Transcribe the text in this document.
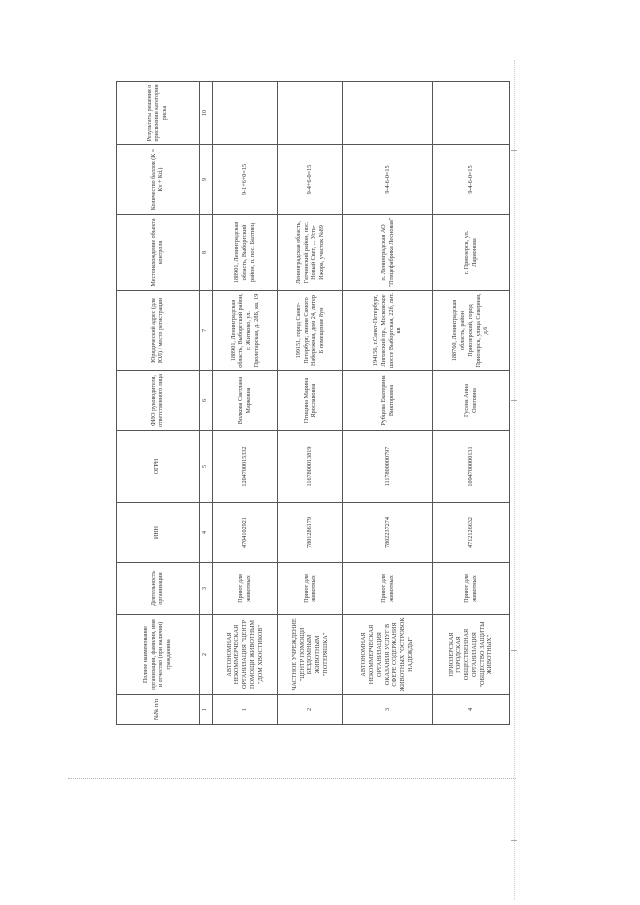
№№ п/п	Полное наименование организации, фамилия, имя и отчество (при наличии) гражданина	Деятельность организации	ИНН	ОГРН	ФИО руководителя, ответственного лица	Юридический адрес (для ЮЛ) / место регистрации	Местонахождение объекта контроля	Количество баллов (К = Кv + Кd.)	Результаты решения о присвоении категории риска
1	2	3	4	5	6	7	8	9	10
1	АВТОНОМНАЯ НЕКОММЕРЧЕСКАЯ ОРГАНИЗАЦИЯ "ЦЕНТР ПОМОЩИ ЖИВОТНЫМ "ДОМ ХВОСТИКОВ"	Приют для животных	4704102921	1204700015332	Волкова Светлана Марковна	188901, Ленинградская область, Выборгский район, г. Житково, ул. Пролетарская, д. 28Б, кв. 19	188901, Ленинградская область, Выборгский район, п. пос. Балтиец	9-1+6+0=15	
2	ЧАСТНОЕ УЧРЕЖДЕНИЕ "ЦЕНТР ПОМОЩИ БЕЗДОМНЫМ ЖИВОТНЫМ "ПОТЕРЯШКА"	Приют для животных	7801286179	1167800013819	Птицина Марина Ярославовна	199151, город Санкт-Петербург, линия Самого Набережная, дом 24, литер Б помещение 8ун	Ленинградская область, Гатчинский район, пос. Новый Свет, ... Усть-Ижора, участок №89	9-4+6-0=15	
3	АВТОНОМНАЯ НЕКОММЕРЧЕСКАЯ ОРГАНИЗАЦИЯ ОКАЗАНИЯ УСЛУГ В СФЕРЕ СОДЕРЖАНИЯ ЖИВОТНЫХ "ОСТРОВОК НАДЕЖДЫ"	Приют для животных	7802237274	1117800000797	Рубцова Екатерина Викторовна	194156, г.Санкт-Петербург, Лиговский пр., Московское шоссе Выборгская, 22б, лит. кв	п. Ленинградская АО "Птицефабрика Лесновая"	9-4-6-0=15	
4	ПРИОЗЕРСКАЯ ГОРОДСКАЯ ОБЩЕСТВЕННАЯ ОРГАНИЗАЦИЯ "ОБЩЕСТВО ЗАЩИТЫ ЖИВОТНЫХ"	Приют для животных	4712126632	1094700000131	Гусева Анна Олеговна	188760, Ленинградская область, район Приозерский, город Приозерск, улица Северная, д.6	г. Приозерск, ул. Ларионова	9-4-6-0=15	
